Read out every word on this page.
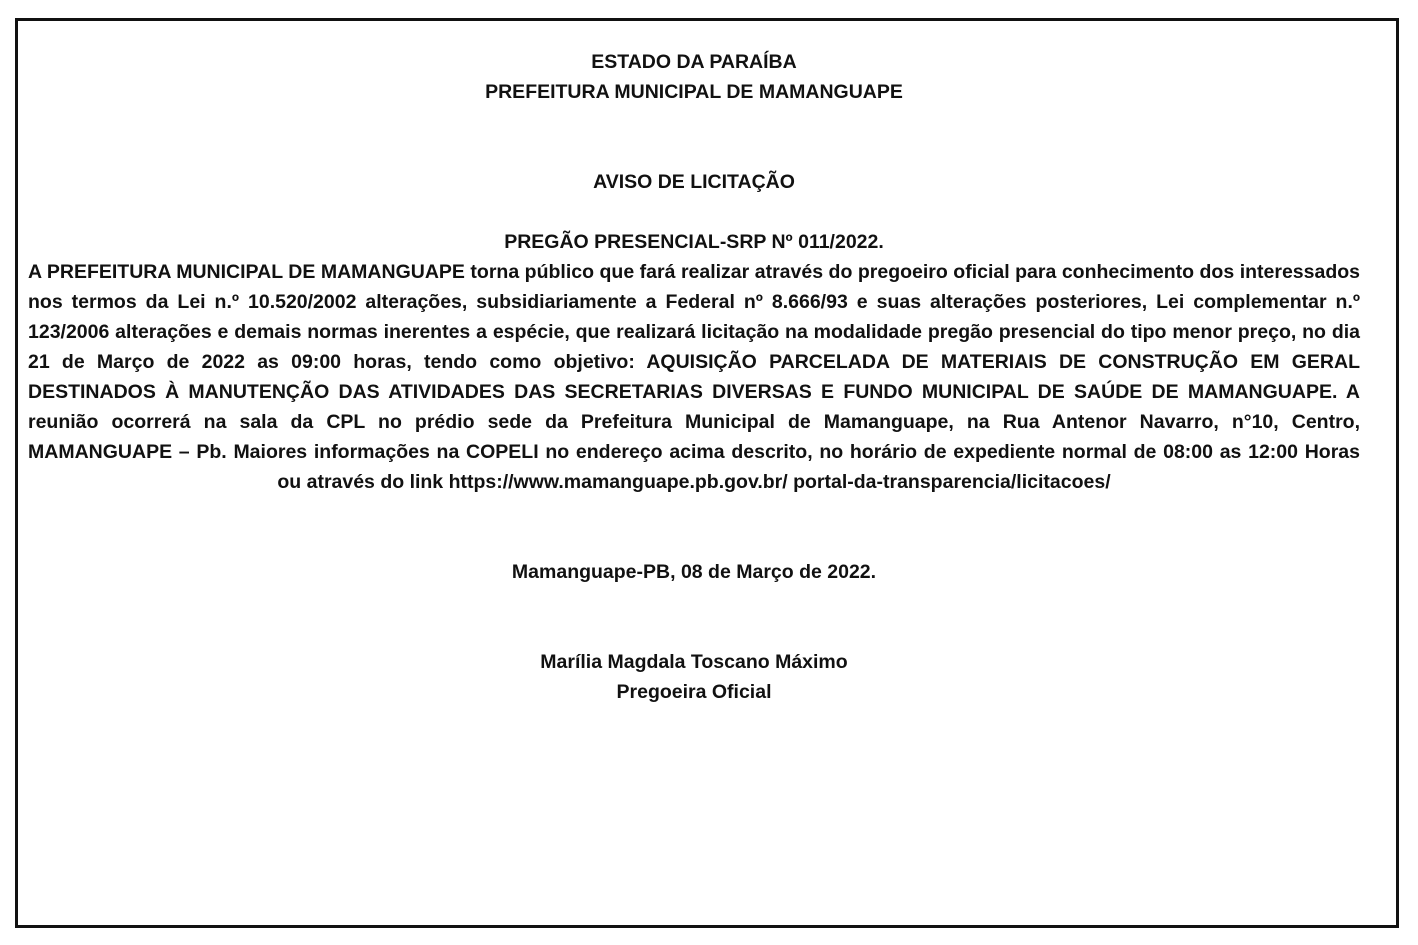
ESTADO DA PARAÍBA

PREFEITURA MUNICIPAL DE MAMANGUAPE

AVISO DE LICITAÇÃO

PREGÃO PRESENCIAL-SRP Nº 011/2022.

A PREFEITURA MUNICIPAL DE MAMANGUAPE torna público que fará realizar através do pregoeiro oficial para conhecimento dos interessados nos termos da Lei n.º 10.520/2002 alterações, subsidiariamente a Federal nº 8.666/93 e suas alterações posteriores, Lei complementar n.º 123/2006 alterações e demais normas inerentes a espécie, que realizará licitação na modalidade pregão presencial do tipo menor preço, no dia 21 de Março de 2022 as 09:00 horas, tendo como objetivo: AQUISIÇÃO PARCELADA DE MATERIAIS DE CONSTRUÇÃO EM GERAL DESTINADOS À MANUTENÇÃO DAS ATIVIDADES DAS SECRETARIAS DIVERSAS E FUNDO MUNICIPAL DE SAÚDE DE MAMANGUAPE. A reunião ocorrerá na sala da CPL no prédio sede da Prefeitura Municipal de Mamanguape, na Rua Antenor Navarro, n°10, Centro, MAMANGUAPE – Pb. Maiores informações na COPELI no endereço acima descrito, no horário de expediente normal de 08:00 as 12:00 Horas ou através do link https://www.mamanguape.pb.gov.br/ portal-da-transparencia/licitacoes/

Mamanguape-PB, 08 de Março de 2022.

Marília Magdala Toscano Máximo

Pregoeira Oficial
